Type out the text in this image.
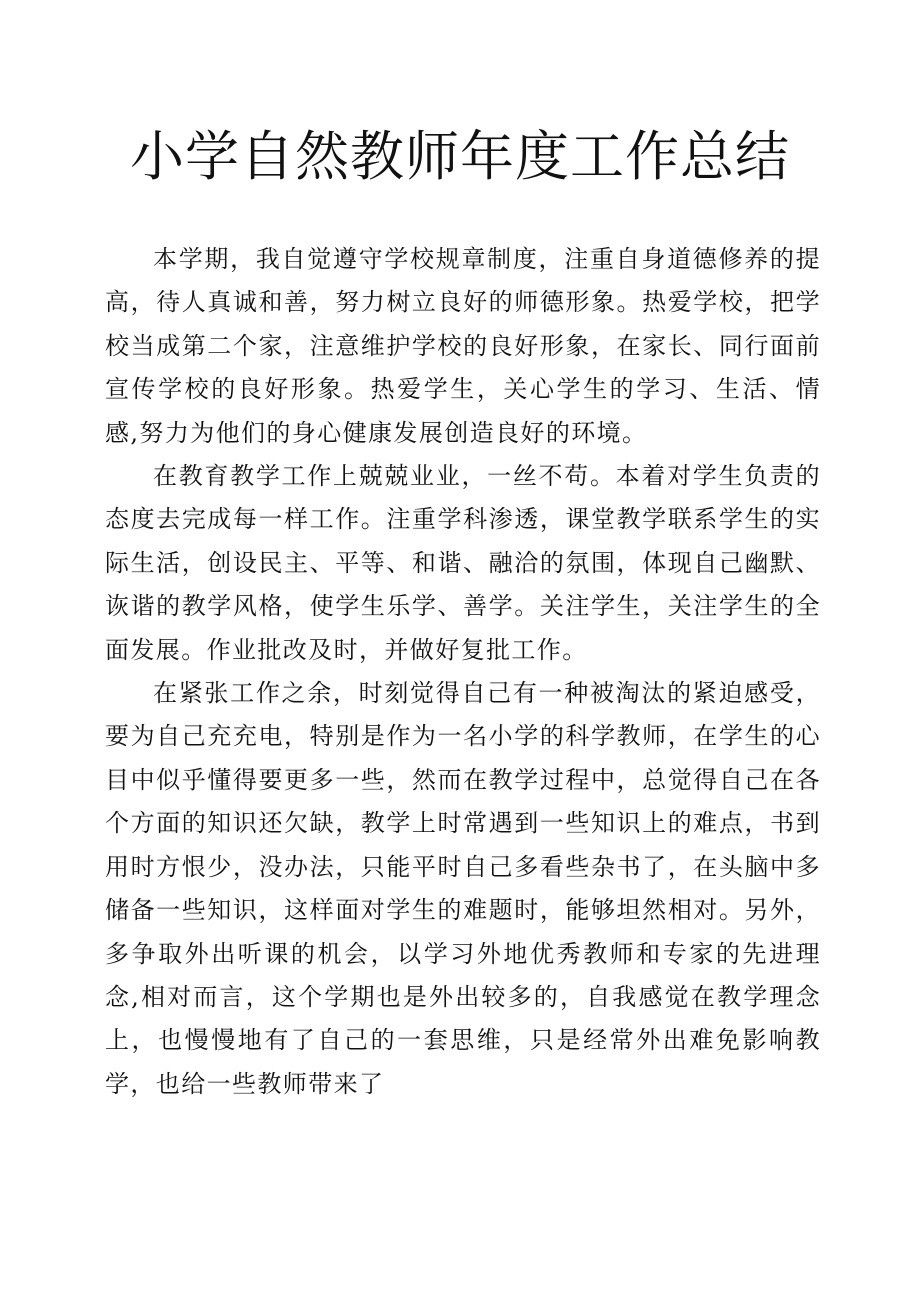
小学自然教师年度工作总结

本学期，我自觉遵守学校规章制度，注重自身道德修养的提高，待人真诚和善，努力树立良好的师德形象。热爱学校，把学校当成第二个家，注意维护学校的良好形象，在家长、同行面前宣传学校的良好形象。热爱学生，关心学生的学习、生活、情感,努力为他们的身心健康发展创造良好的环境。

在教育教学工作上兢兢业业，一丝不苟。本着对学生负责的态度去完成每一样工作。注重学科渗透，课堂教学联系学生的实际生活，创设民主、平等、和谐、融洽的氛围，体现自己幽默、诙谐的教学风格，使学生乐学、善学。关注学生，关注学生的全面发展。作业批改及时，并做好复批工作。

在紧张工作之余，时刻觉得自己有一种被淘汰的紧迫感受，要为自己充充电，特别是作为一名小学的科学教师，在学生的心目中似乎懂得要更多一些，然而在教学过程中，总觉得自己在各个方面的知识还欠缺，教学上时常遇到一些知识上的难点，书到用时方恨少，没办法，只能平时自己多看些杂书了，在头脑中多储备一些知识，这样面对学生的难题时，能够坦然相对。另外，多争取外出听课的机会，以学习外地优秀教师和专家的先进理念,相对而言，这个学期也是外出较多的，自我感觉在教学理念上，也慢慢地有了自己的一套思维，只是经常外出难免影响教学，也给一些教师带来了
